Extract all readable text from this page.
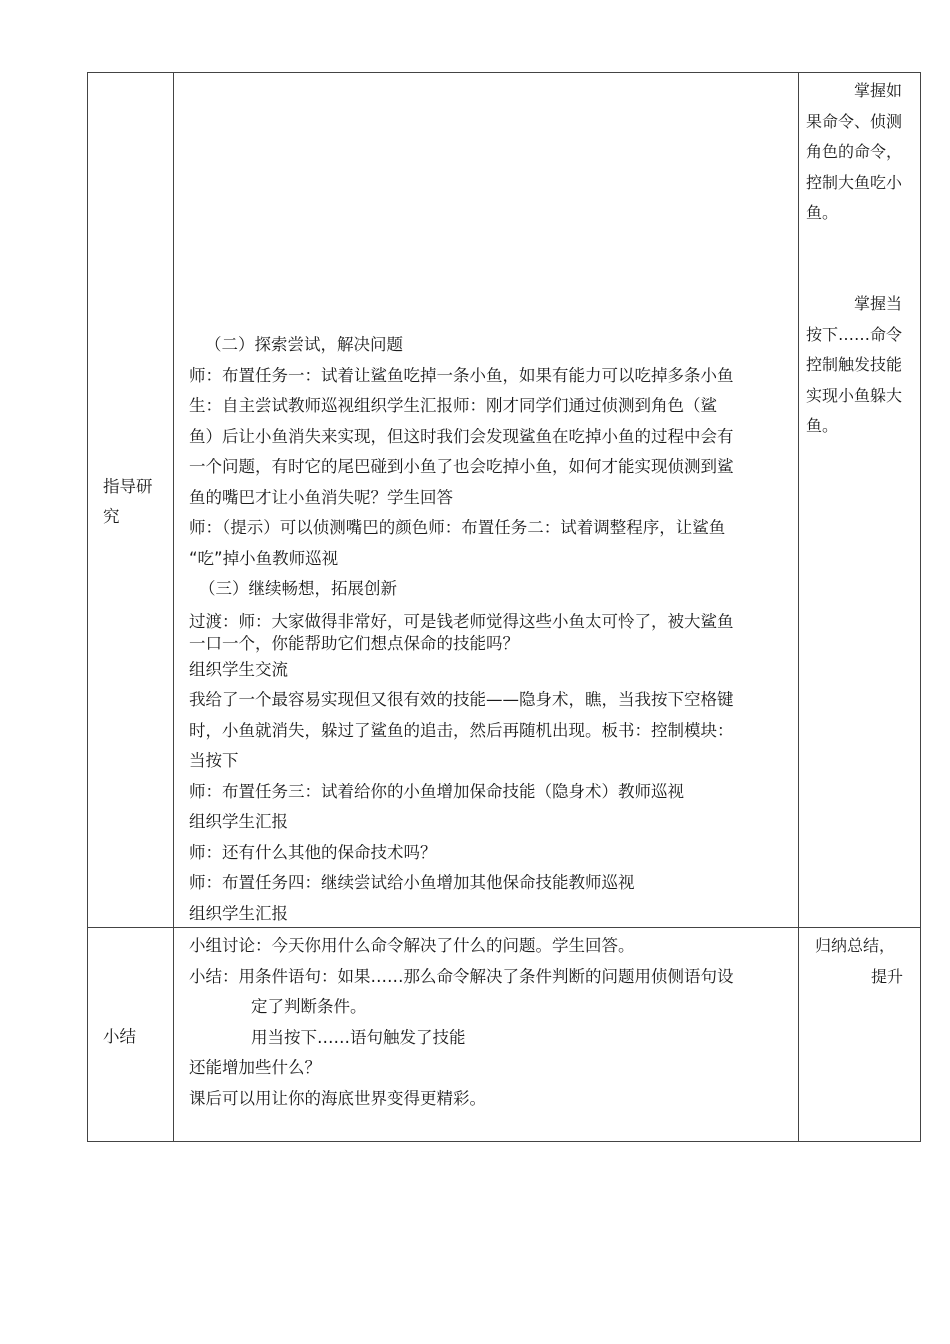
指导研
究
（二）探索尝试，解决问题
师：布置任务一：试着让鲨鱼吃掉一条小鱼，如果有能力可以吃掉多条小鱼
生：自主尝试教师巡视组织学生汇报师：刚才同学们通过侦测到角色（鲨
鱼）后让小鱼消失来实现，但这时我们会发现鲨鱼在吃掉小鱼的过程中会有
一个问题，有时它的尾巴碰到小鱼了也会吃掉小鱼，如何才能实现侦测到鲨
鱼的嘴巴才让小鱼消失呢？学生回答
师：（提示）可以侦测嘴巴的颜色师：布置任务二：试着调整程序，让鲨鱼
“吃”掉小鱼教师巡视
（三）继续畅想，拓展创新
过渡：师：大家做得非常好，可是钱老师觉得这些小鱼太可怜了，被大鲨鱼
一口一个，你能帮助它们想点保命的技能吗？
组织学生交流
我给了一个最容易实现但又很有效的技能——隐身术，瞧，当我按下空格键
时，小鱼就消失，躲过了鲨鱼的追击，然后再随机出现。板书：控制模块：
当按下
师：布置任务三：试着给你的小鱼增加保命技能（隐身术）教师巡视
组织学生汇报
师：还有什么其他的保命技术吗？
师：布置任务四：继续尝试给小鱼增加其他保命技能教师巡视
组织学生汇报
掌握如
果命令、侦测
角色的命令，
控制大鱼吃小
鱼。
掌握当
按下……命令
控制触发技能
实现小鱼躲大
鱼。
小结
小组讨论：今天你用什么命令解决了什么的问题。学生回答。
小结：用条件语句：如果……那么命令解决了条件判断的问题用侦侧语句设
定了判断条件。
用当按下……语句触发了技能
还能增加些什么？
课后可以用让你的海底世界变得更精彩。
归纳总结，
提升
